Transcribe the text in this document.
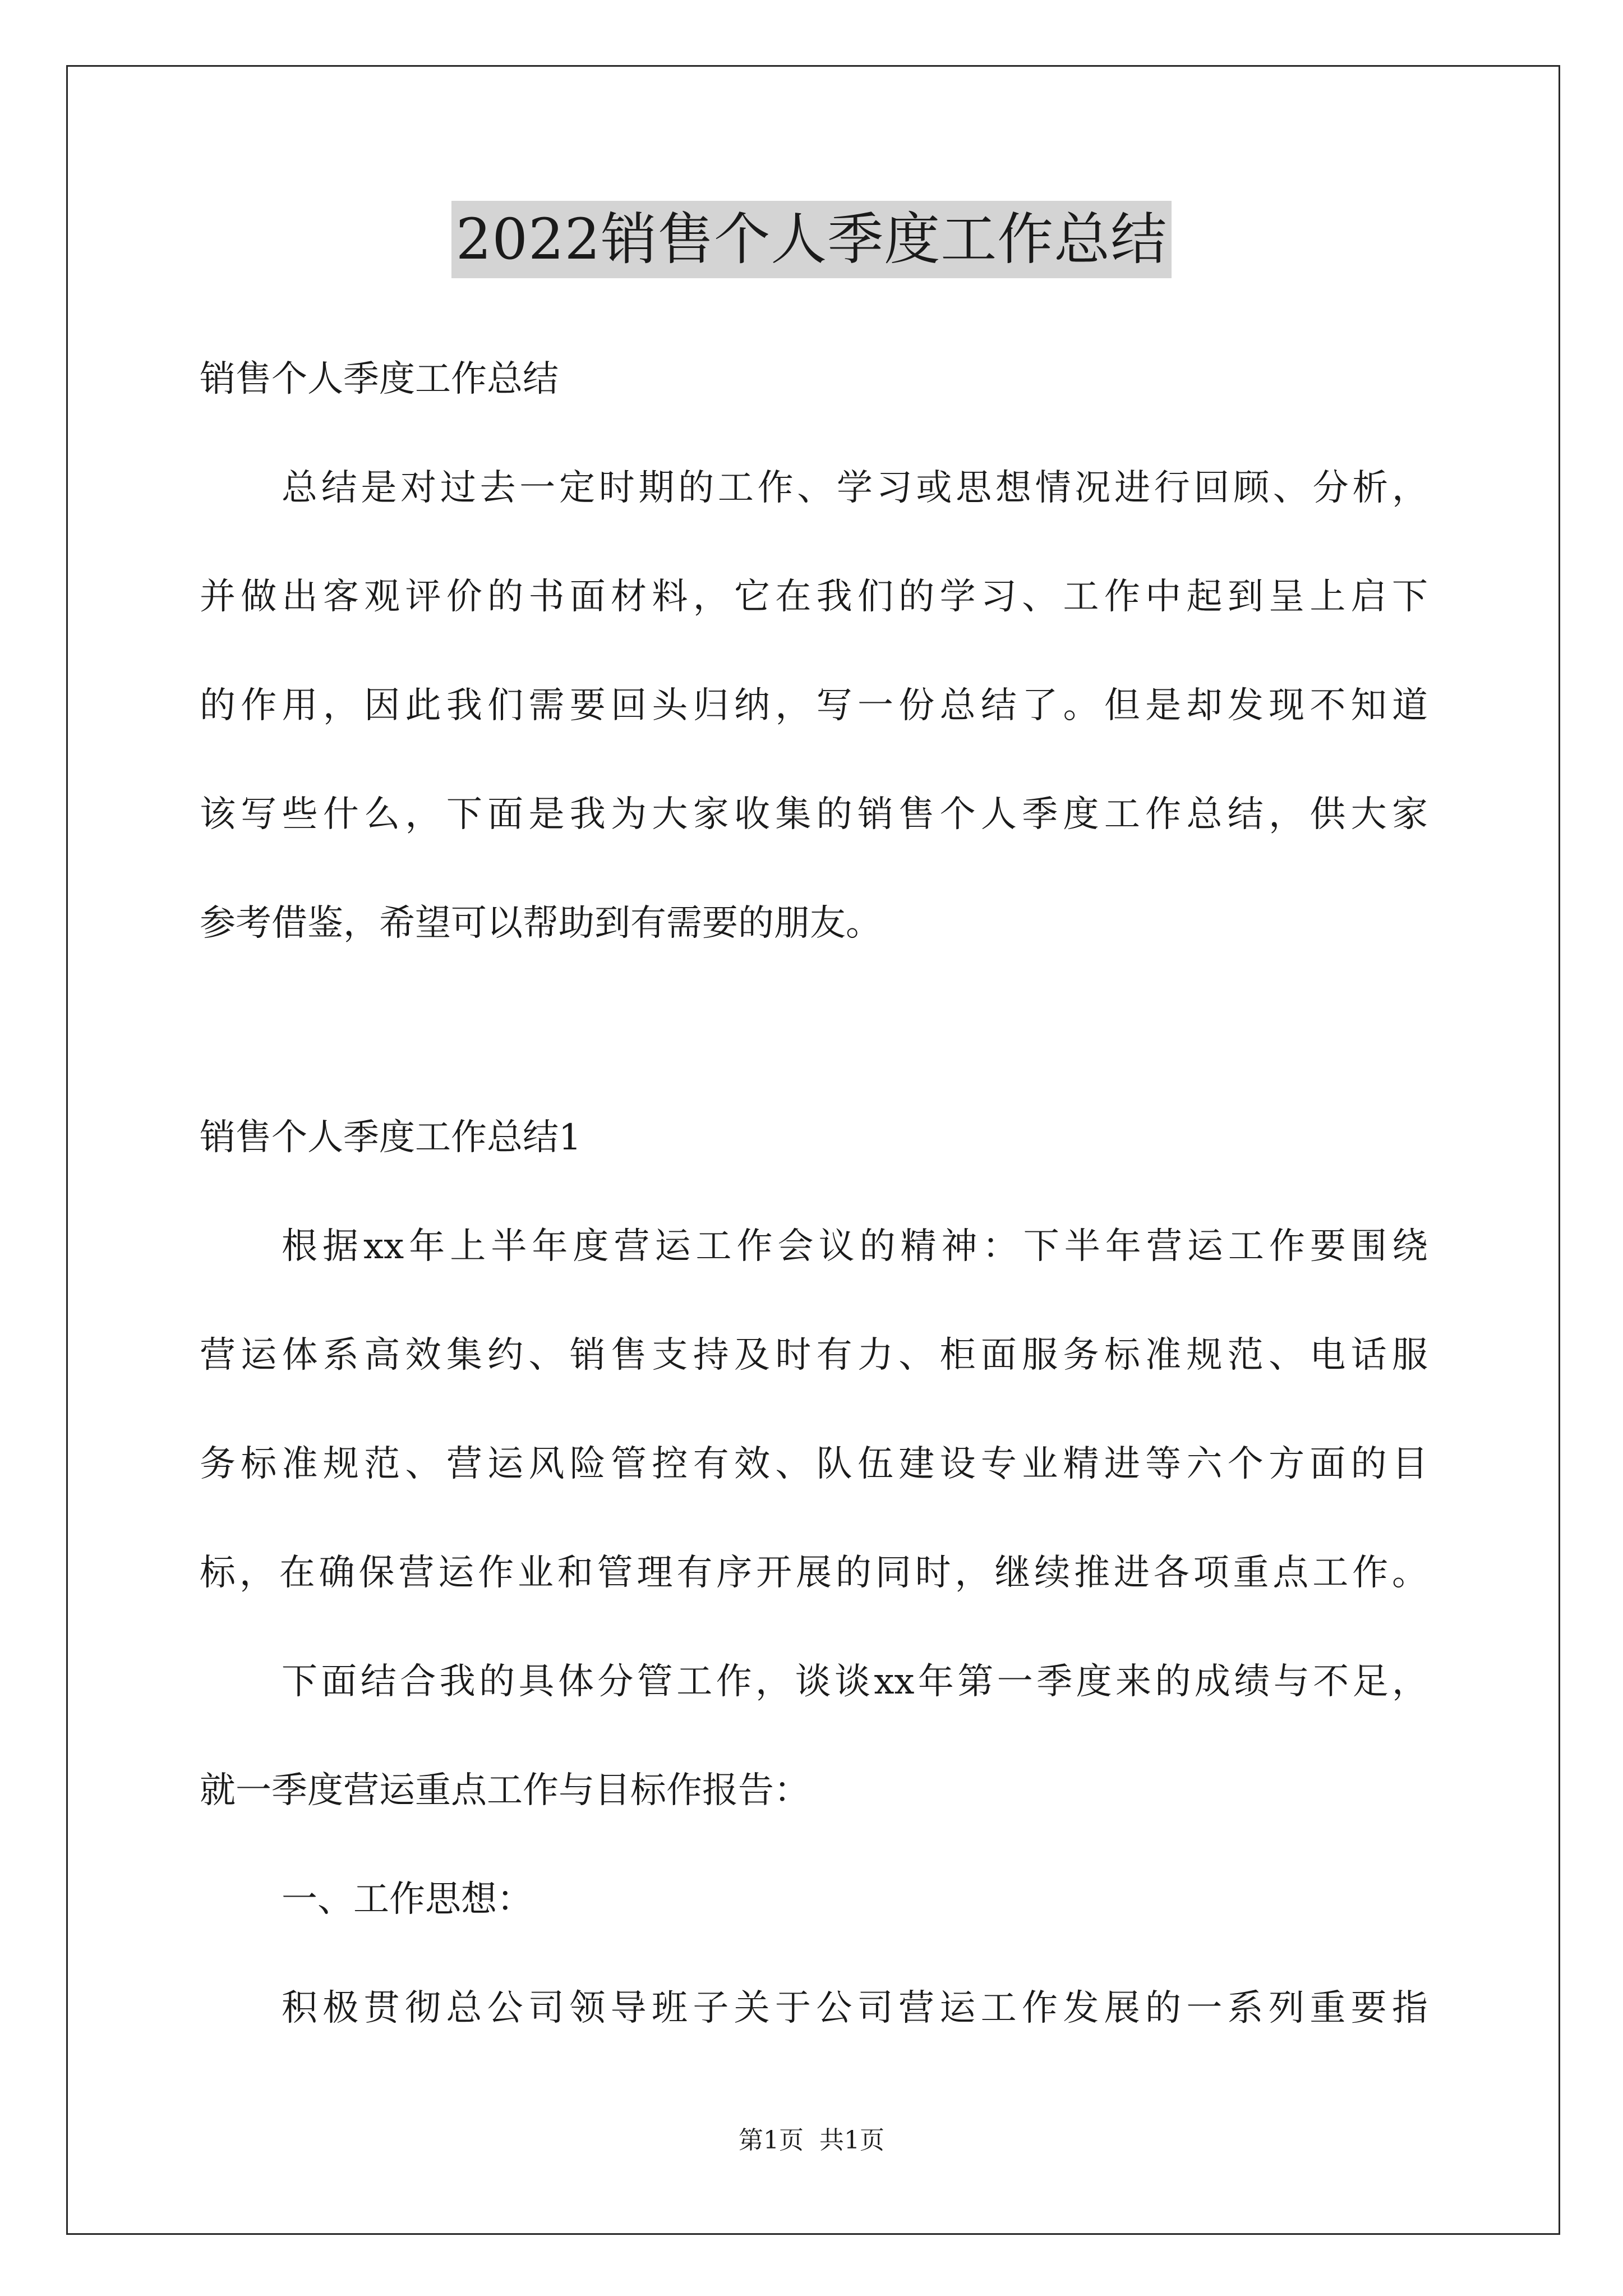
2022销售个人季度工作总结
销售个人季度工作总结
总结是对过去一定时期的工作、学习或思想情况进行回顾、分析，
并做出客观评价的书面材料，它在我们的学习、工作中起到呈上启下
的作用，因此我们需要回头归纳，写一份总结了。但是却发现不知道
该写些什么，下面是我为大家收集的销售个人季度工作总结，供大家
参考借鉴，希望可以帮助到有需要的朋友。
销售个人季度工作总结1
根据xx年上半年度营运工作会议的精神：下半年营运工作要围绕
营运体系高效集约、销售支持及时有力、柜面服务标准规范、电话服
务标准规范、营运风险管控有效、队伍建设专业精进等六个方面的目
标，在确保营运作业和管理有序开展的同时，继续推进各项重点工作。
下面结合我的具体分管工作，谈谈xx年第一季度来的成绩与不足，
就一季度营运重点工作与目标作报告：
一、工作思想：
积极贯彻总公司领导班子关于公司营运工作发展的一系列重要指
第1页 共1页
